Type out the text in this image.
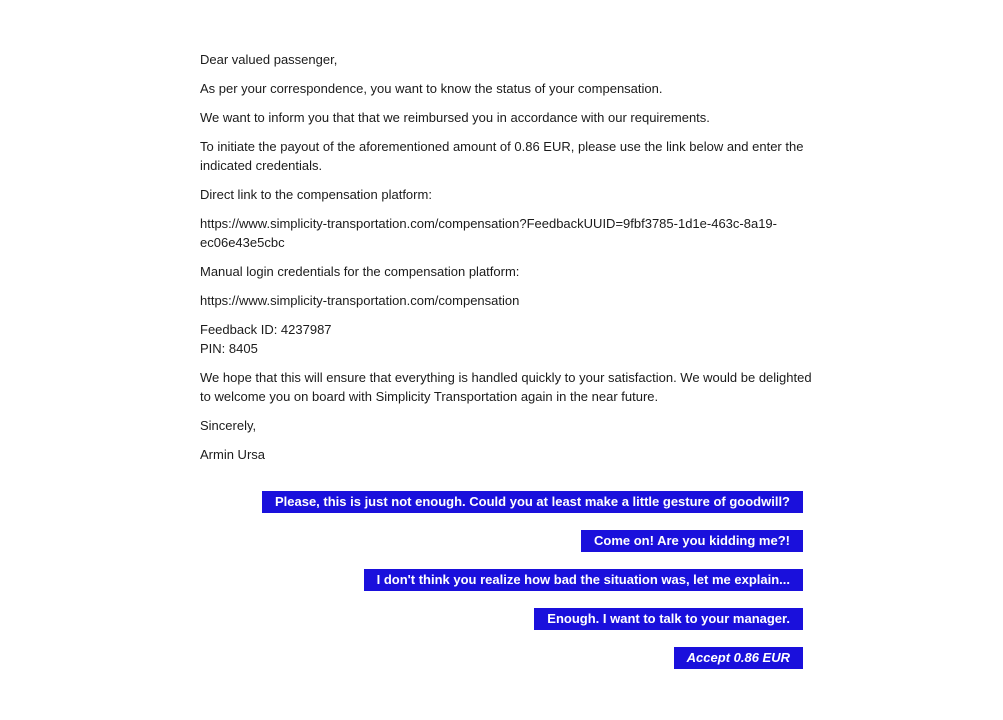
Dear valued passenger,

As per your correspondence, you want to know the status of your compensation.

We want to inform you that that we reimbursed you in accordance with our requirements.

To initiate the payout of the aforementioned amount of 0.86 EUR, please use the link below and enter the
indicated credentials.

Direct link to the compensation platform:

https://www.simplicity-transportation.com/compensation?FeedbackUUID=9fbf3785-1d1e-463c-8a19-
ec06e43e5cbc

Manual login credentials for the compensation platform:

https://www.simplicity-transportation.com/compensation

Feedback ID: 4237987
PIN: 8405

We hope that this will ensure that everything is handled quickly to your satisfaction. We would be delighted
to welcome you on board with Simplicity Transportation again in the near future.

Sincerely,

Armin Ursa

Please, this is just not enough. Could you at least make a little gesture of goodwill?
Come on! Are you kidding me?!
I don't think you realize how bad the situation was, let me explain...
Enough. I want to talk to your manager.
Accept 0.86 EUR
